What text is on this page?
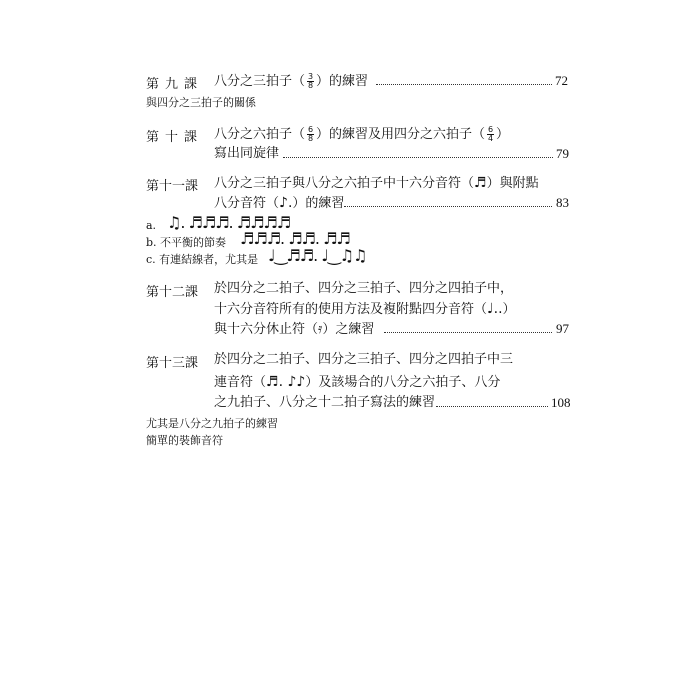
第九課 八分之三拍子（ $\frac{3}{8}$ ）的練習	72
與四分之三拍子的關係
第十課 八分之六拍子（ $\frac{6}{8}$ ）的練習及用四分之六拍子（ $\frac{6}{4}$ ）
寫出同旋律	79
第十一課 八分之三拍子與八分之六拍子中十六分音符（♬）與附點
八分音符（♪.）的練習	83
a. ♫. ♬♬♬. ♬♬♬♬
b. 不平衡的節奏 ♬♬♬. ♬♬. ♬♬
c. 有連結線者，尤其是 ♩‿♬♬. ♩‿♫♫
第十二課 於四分之二拍子、四分之三拍子、四分之四拍子中，
十六分音符所有的使用方法及複附點四分音符（♩..）
與十六分休止符（𝄿）之練習	97
第十三課 於四分之二拍子、四分之三拍子、四分之四拍子中三
連音符（♬. ♪♪）及該場合的八分之六拍子、八分
之九拍子、八分之十二拍子寫法的練習	108
尤其是八分之九拍子的練習
簡單的裝飾音符
